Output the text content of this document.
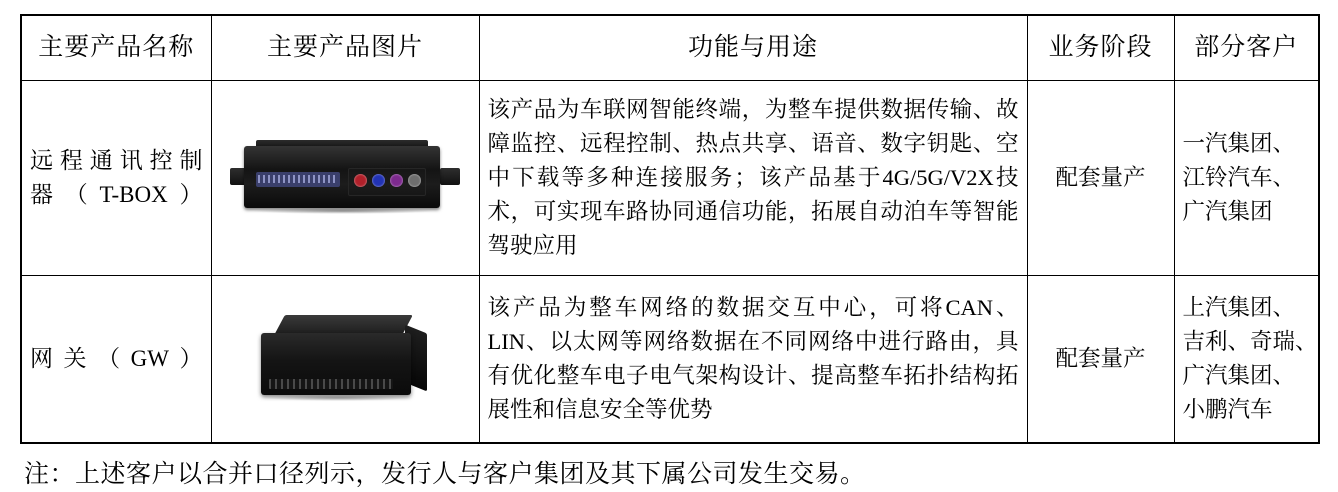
主要产品名称	主要产品图片	功能与用途	业务阶段	部分客户

远程通讯控制
器（T-BOX）		该产品为车联网智能终端，为整车提供数据传输、故障监控、远程控制、热点共享、语音、数字钥匙、空中下载等多种连接服务；该产品基于4G/5G/V2X技术，可实现车路协同通信功能，拓展自动泊车等智能驾驶应用	配套量产	一汽集团、
江铃汽车、
广汽集团

网关（GW）		该产品为整车网络的数据交互中心，可将CAN、LIN、以太网等网络数据在不同网络中进行路由，具有优化整车电子电气架构设计、提高整车拓扑结构拓展性和信息安全等优势	配套量产	上汽集团、
吉利、奇瑞、
广汽集团、
小鹏汽车
注：上述客户以合并口径列示，发行人与客户集团及其下属公司发生交易。
